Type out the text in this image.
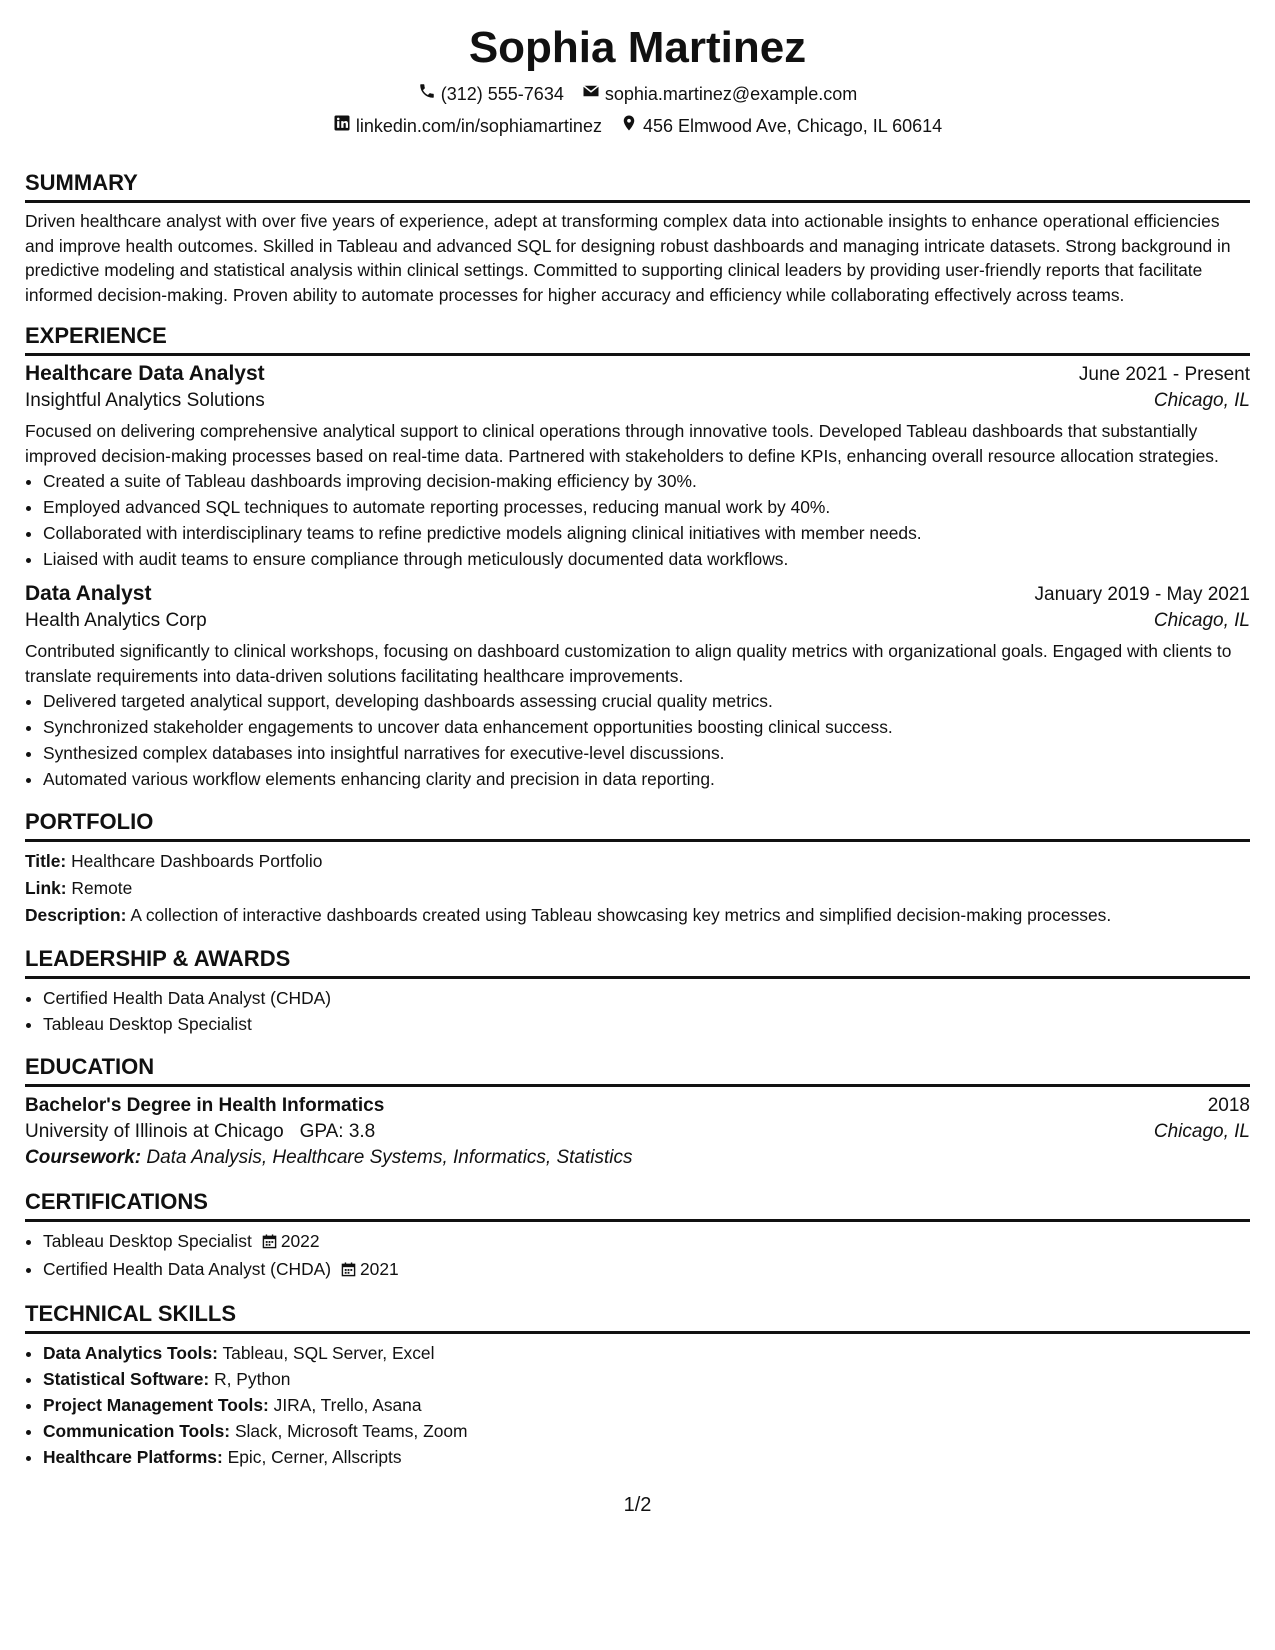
Sophia Martinez
(312) 555-7634 sophia.martinez@example.com
linkedin.com/in/sophiamartinez 456 Elmwood Ave, Chicago, IL 60614
SUMMARY

Driven healthcare analyst with over five years of experience, adept at transforming complex data into actionable insights to enhance operational efficiencies and improve health outcomes. Skilled in Tableau and advanced SQL for designing robust dashboards and managing intricate datasets. Strong background in predictive modeling and statistical analysis within clinical settings. Committed to supporting clinical leaders by providing user-friendly reports that facilitate informed decision-making. Proven ability to automate processes for higher accuracy and efficiency while collaborating effectively across teams.

EXPERIENCE
Healthcare Data Analyst	June 2021 - Present
Insightful Analytics Solutions	Chicago, IL

Focused on delivering comprehensive analytical support to clinical operations through innovative tools. Developed Tableau dashboards that substantially improved decision-making processes based on real-time data. Partnered with stakeholders to define KPIs, enhancing overall resource allocation strategies.

• Created a suite of Tableau dashboards improving decision-making efficiency by 30%.
• Employed advanced SQL techniques to automate reporting processes, reducing manual work by 40%.
• Collaborated with interdisciplinary teams to refine predictive models aligning clinical initiatives with member needs.
• Liaised with audit teams to ensure compliance through meticulously documented data workflows.
Data Analyst	January 2019 - May 2021
Health Analytics Corp	Chicago, IL

Contributed significantly to clinical workshops, focusing on dashboard customization to align quality metrics with organizational goals. Engaged with clients to translate requirements into data-driven solutions facilitating healthcare improvements.

• Delivered targeted analytical support, developing dashboards assessing crucial quality metrics.
• Synchronized stakeholder engagements to uncover data enhancement opportunities boosting clinical success.
• Synthesized complex databases into insightful narratives for executive-level discussions.
• Automated various workflow elements enhancing clarity and precision in data reporting.
PORTFOLIO
Title: Healthcare Dashboards Portfolio
Link: Remote
Description: A collection of interactive dashboards created using Tableau showcasing key metrics and simplified decision-making processes.
LEADERSHIP & AWARDS
• Certified Health Data Analyst (CHDA)
• Tableau Desktop Specialist
EDUCATION
Bachelor's Degree in Health Informatics	2018
University of Illinois at Chicago GPA: 3.8	Chicago, IL
Coursework: Data Analysis, Healthcare Systems, Informatics, Statistics
CERTIFICATIONS
• Tableau Desktop Specialist 2022
• Certified Health Data Analyst (CHDA) 2021
TECHNICAL SKILLS
• Data Analytics Tools: Tableau, SQL Server, Excel
• Statistical Software: R, Python
• Project Management Tools: JIRA, Trello, Asana
• Communication Tools: Slack, Microsoft Teams, Zoom
• Healthcare Platforms: Epic, Cerner, Allscripts
1/2
